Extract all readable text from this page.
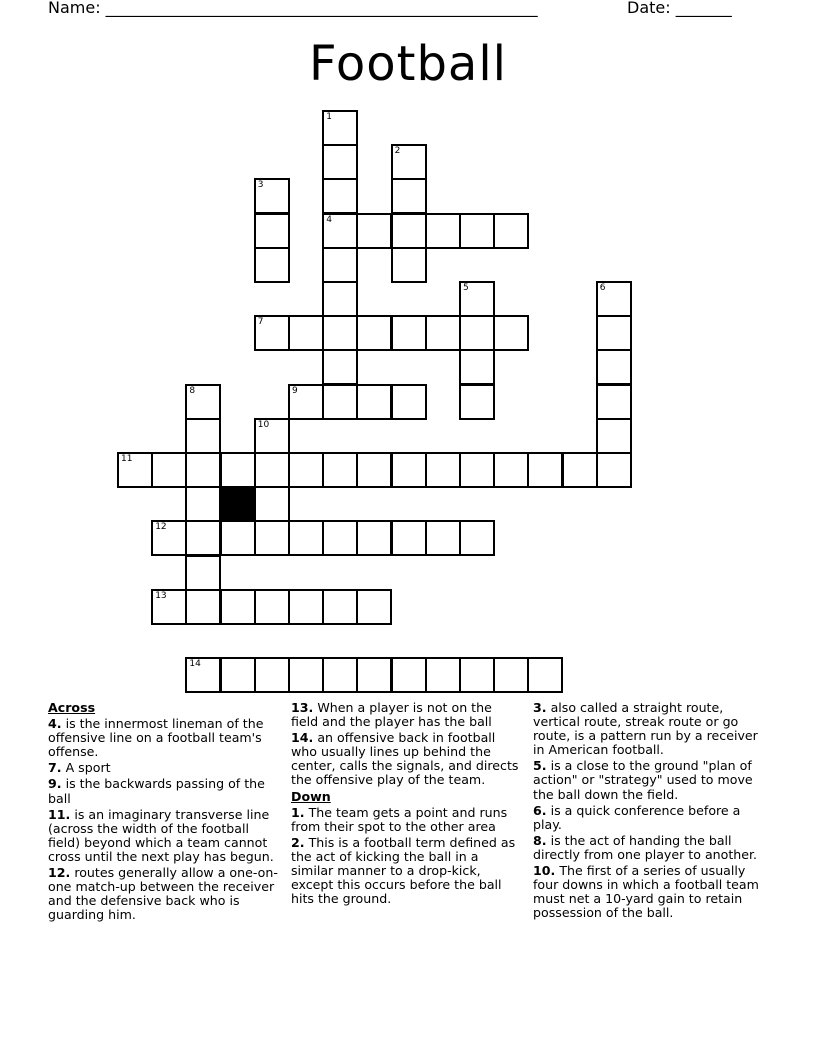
Name: ______________________________________________________	Date: _______
Football
1
4
2
3
5	6
7
8	9
10
11
12
13
14
Across
4. is the innermost lineman of the offensive line on a football team's offense.
7. A sport
9. is the backwards passing of the ball
11. is an imaginary transverse line (across the width of the football field) beyond which a team cannot cross until the next play has begun.
12. routes generally allow a one-on-one match-up between the receiver and the defensive back who is guarding him.
13. When a player is not on the field and the player has the ball
14. an offensive back in football who usually lines up behind the center, calls the signals, and directs the offensive play of the team.
Down
1. The team gets a point and runs from their spot to the other area
2. This is a football term defined as the act of kicking the ball in a similar manner to a drop-kick, except this occurs before the ball hits the ground.
3. also called a straight route, vertical route, streak route or go route, is a pattern run by a receiver in American football.
5. is a close to the ground "plan of action" or "strategy" used to move the ball down the field.
6. is a quick conference before a play.
8. is the act of handing the ball directly from one player to another.
10. The first of a series of usually four downs in which a football team must net a 10-yard gain to retain possession of the ball.
